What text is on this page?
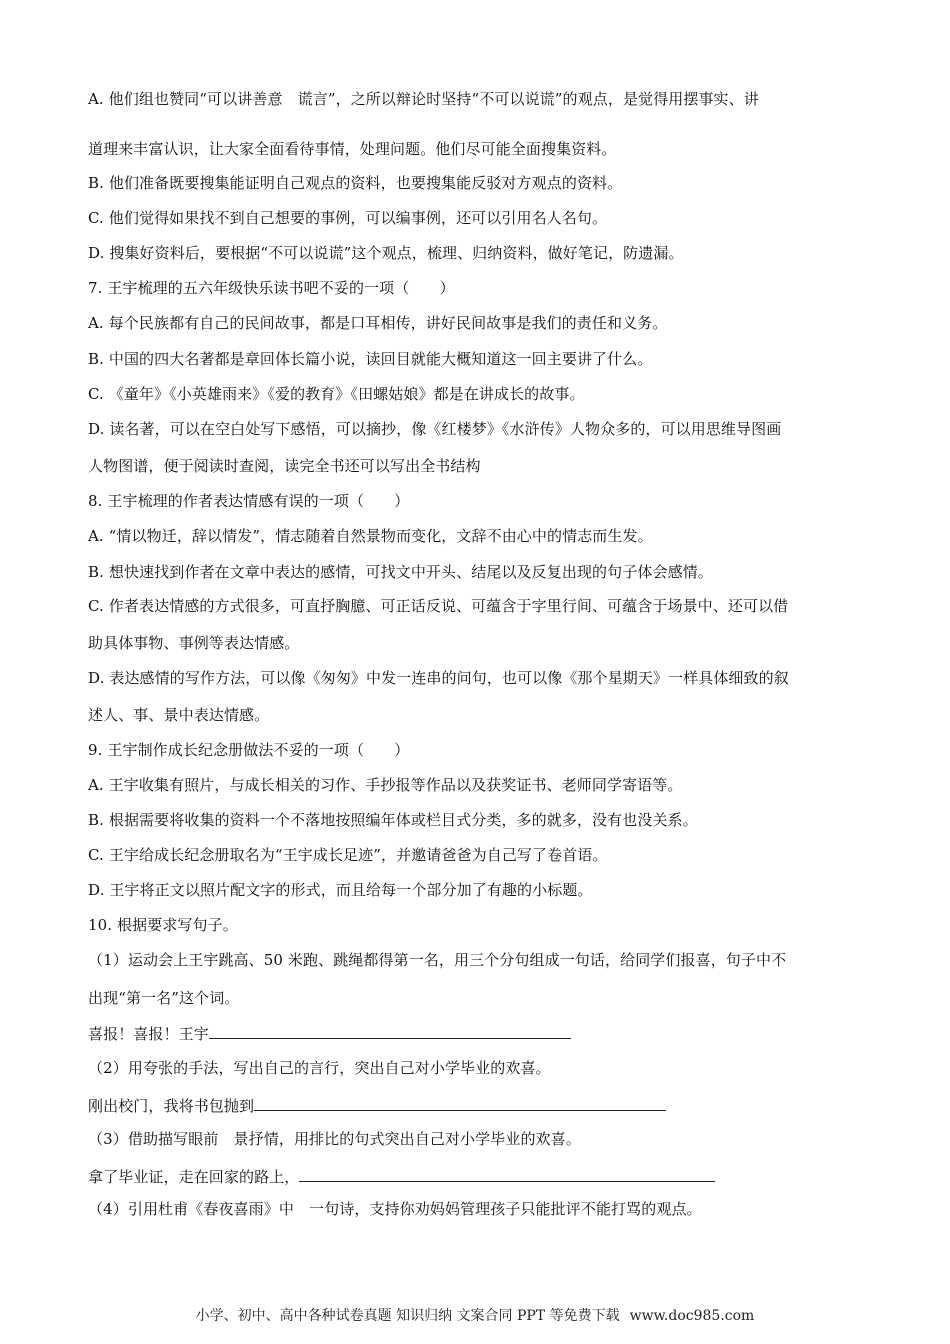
A. 他们组也赞同“可以讲善意　谎言”，之所以辩论时坚持“不可以说谎”的观点，是觉得用摆事实、讲
道理来丰富认识，让大家全面看待事情，处理问题。他们尽可能全面搜集资料。
B. 他们准备既要搜集能证明自己观点的资料，也要搜集能反驳对方观点的资料。
C. 他们觉得如果找不到自己想要的事例，可以编事例，还可以引用名人名句。
D. 搜集好资料后，要根据“不可以说谎”这个观点，梳理、归纳资料，做好笔记，防遗漏。
7. 王宇梳理的五六年级快乐读书吧不妥的一项（　　）
A. 每个民族都有自己的民间故事，都是口耳相传，讲好民间故事是我们的责任和义务。
B. 中国的四大名著都是章回体长篇小说，读回目就能大概知道这一回主要讲了什么。
C. 《童年》《小英雄雨来》《爱的教育》《田螺姑娘》都是在讲成长的故事。
D. 读名著，可以在空白处写下感悟，可以摘抄，像《红楼梦》《水浒传》人物众多的，可以用思维导图画
人物图谱，便于阅读时查阅，读完全书还可以写出全书结构
8. 王宇梳理的作者表达情感有误的一项（　　）
A. “情以物迁，辞以情发”，情志随着自然景物而变化，文辞不由心中的情志而生发。
B. 想快速找到作者在文章中表达的感情，可找文中开头、结尾以及反复出现的句子体会感情。
C. 作者表达情感的方式很多，可直抒胸臆、可正话反说、可蕴含于字里行间、可蕴含于场景中、还可以借
助具体事物、事例等表达情感。
D. 表达感情的写作方法，可以像《匆匆》中发一连串的问句，也可以像《那个星期天》一样具体细致的叙
述人、事、景中表达情感。
9. 王宇制作成长纪念册做法不妥的一项（　　）
A. 王宇收集有照片，与成长相关的习作、手抄报等作品以及获奖证书、老师同学寄语等。
B. 根据需要将收集的资料一个不落地按照编年体或栏目式分类，多的就多，没有也没关系。
C. 王宇给成长纪念册取名为“王宇成长足迹”，并邀请爸爸为自己写了卷首语。
D. 王宇将正文以照片配文字的形式，而且给每一个部分加了有趣的小标题。
10. 根据要求写句子。
（1）运动会上王宇跳高、50 米跑、跳绳都得第一名，用三个分句组成一句话，给同学们报喜，句子中不
出现“第一名”这个词。
喜报！喜报！王宇
（2）用夸张的手法，写出自己的言行，突出自己对小学毕业的欢喜。
刚出校门，我将书包抛到
（3）借助描写眼前　景抒情，用排比的句式突出自己对小学毕业的欢喜。
拿了毕业证，走在回家的路上，
（4）引用杜甫《春夜喜雨》中　一句诗，支持你劝妈妈管理孩子只能批评不能打骂的观点。
小学、初中、高中各种试卷真题 知识归纳 文案合同 PPT 等免费下载 www.doc985.com
